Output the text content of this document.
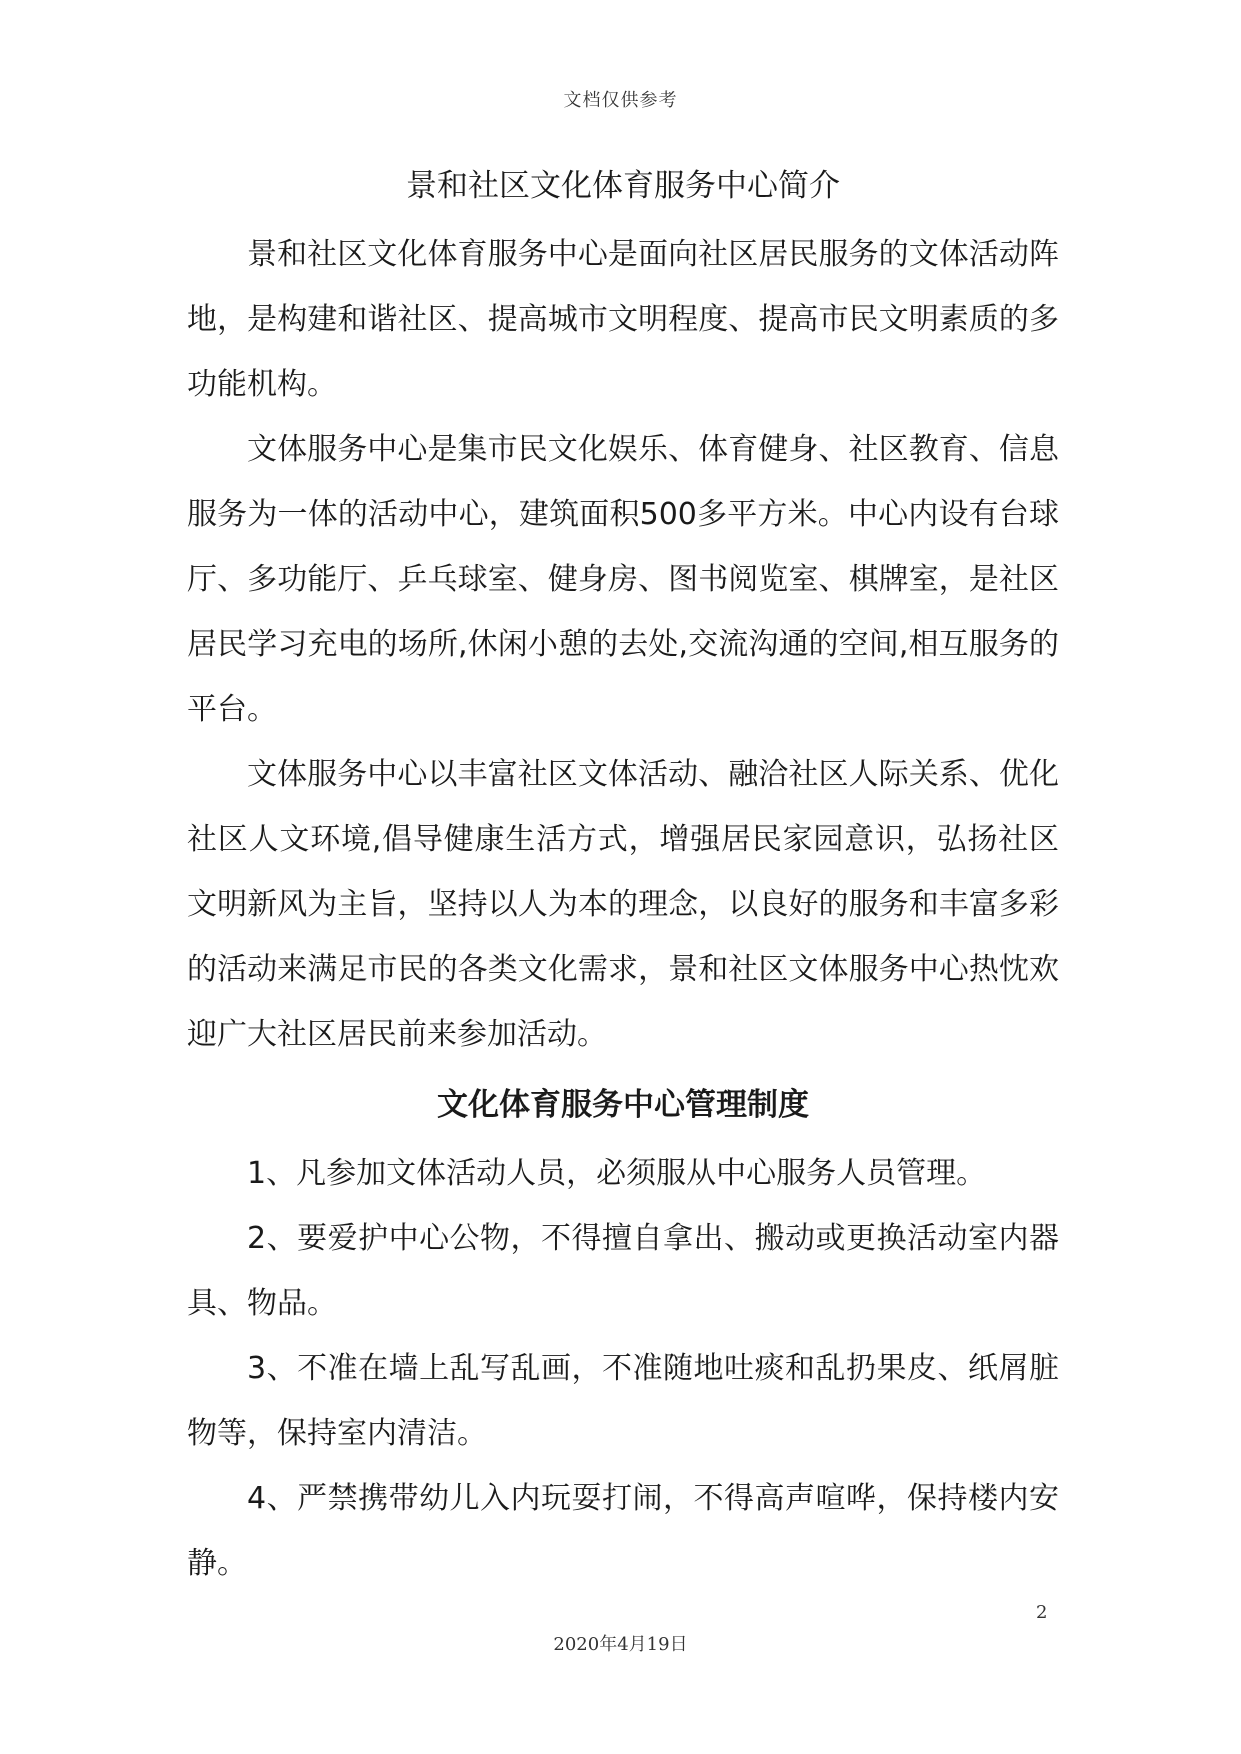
文档仅供参考
景和社区文化体育服务中心简介

景和社区文化体育服务中心是面向社区居民服务的文体活动阵地，是构建和谐社区、提高城市文明程度、提高市民文明素质的多功能机构。

文体服务中心是集市民文化娱乐、体育健身、社区教育、信息服务为一体的活动中心，建筑面积500多平方米。中心内设有台球厅、多功能厅、乒乓球室、健身房、图书阅览室、棋牌室，是社区居民学习充电的场所,休闲小憩的去处,交流沟通的空间,相互服务的平台。

文体服务中心以丰富社区文体活动、融洽社区人际关系、优化社区人文环境,倡导健康生活方式，增强居民家园意识，弘扬社区文明新风为主旨，坚持以人为本的理念，以良好的服务和丰富多彩的活动来满足市民的各类文化需求，景和社区文体服务中心热忱欢迎广大社区居民前来参加活动。

文化体育服务中心管理制度

1、凡参加文体活动人员，必须服从中心服务人员管理。

2、要爱护中心公物，不得擅自拿出、搬动或更换活动室内器具、物品。

3、不准在墙上乱写乱画，不准随地吐痰和乱扔果皮、纸屑脏物等，保持室内清洁。

4、严禁携带幼儿入内玩耍打闹，不得高声喧哗，保持楼内安静。

2
2020年4月19日
